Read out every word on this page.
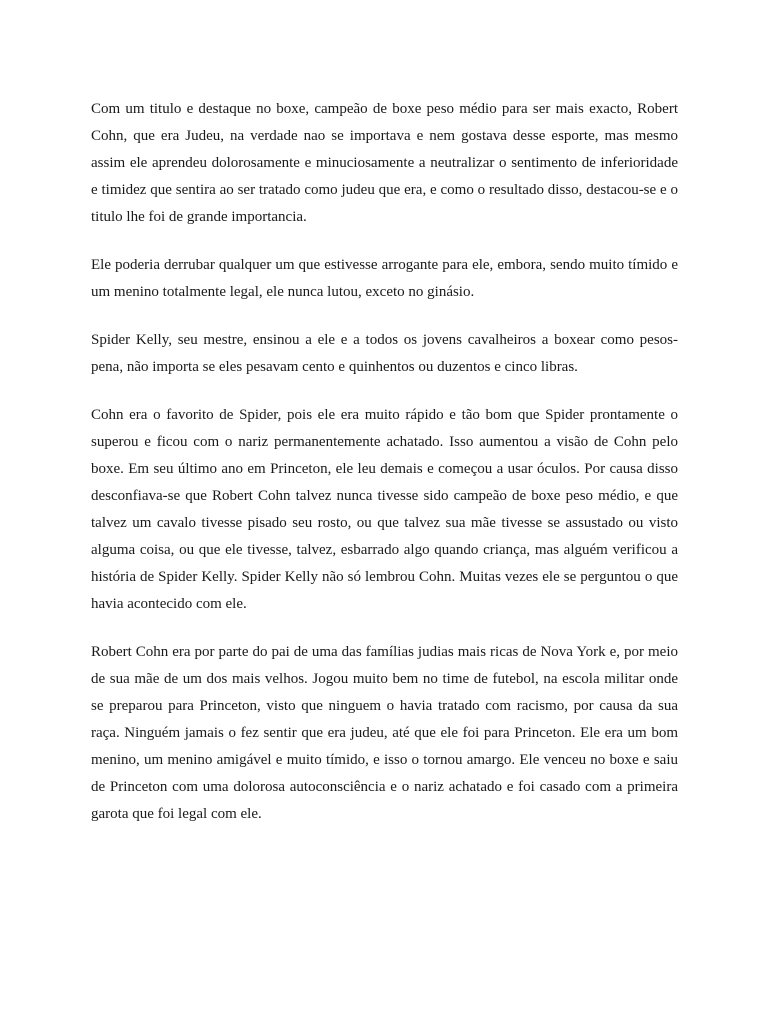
Com um titulo e destaque no boxe, campeão de boxe peso médio para ser mais exacto, Robert Cohn, que era Judeu, na verdade nao se importava e nem gostava desse esporte, mas mesmo assim ele aprendeu dolorosamente e minuciosamente a neutralizar o sentimento de inferioridade e timidez que sentira ao ser tratado como judeu que era, e como o resultado disso, destacou-se e o titulo lhe foi de grande importancia.

Ele poderia derrubar qualquer um que estivesse arrogante para ele, embora, sendo muito tímido e um menino totalmente legal, ele nunca lutou, exceto no ginásio.

Spider Kelly, seu mestre, ensinou a ele e a todos os jovens cavalheiros a boxear como pesos-pena, não importa se eles pesavam cento e quinhentos ou duzentos e cinco libras.

Cohn era o favorito de Spider, pois ele era muito rápido e tão bom que Spider prontamente o superou e ficou com o nariz permanentemente achatado. Isso aumentou a visão de Cohn pelo boxe. Em seu último ano em Princeton, ele leu demais e começou a usar óculos. Por causa disso desconfiava-se que Robert Cohn talvez nunca tivesse sido campeão de boxe peso médio, e que talvez um cavalo tivesse pisado seu rosto, ou que talvez sua mãe tivesse se assustado ou visto alguma coisa, ou que ele tivesse, talvez, esbarrado algo quando criança, mas alguém verificou a história de Spider Kelly. Spider Kelly não só lembrou Cohn. Muitas vezes ele se perguntou o que havia acontecido com ele.

Robert Cohn era por parte do pai de uma das famílias judias mais ricas de Nova York e, por meio de sua mãe de um dos mais velhos. Jogou muito bem no time de futebol, na escola militar onde se preparou para Princeton, visto que ninguem o havia tratado com racismo, por causa da sua raça. Ninguém jamais o fez sentir que era judeu, até que ele foi para Princeton. Ele era um bom menino, um menino amigável e muito tímido, e isso o tornou amargo. Ele venceu no boxe e saiu de Princeton com uma dolorosa autoconsciência e o nariz achatado e foi casado com a primeira garota que foi legal com ele.
